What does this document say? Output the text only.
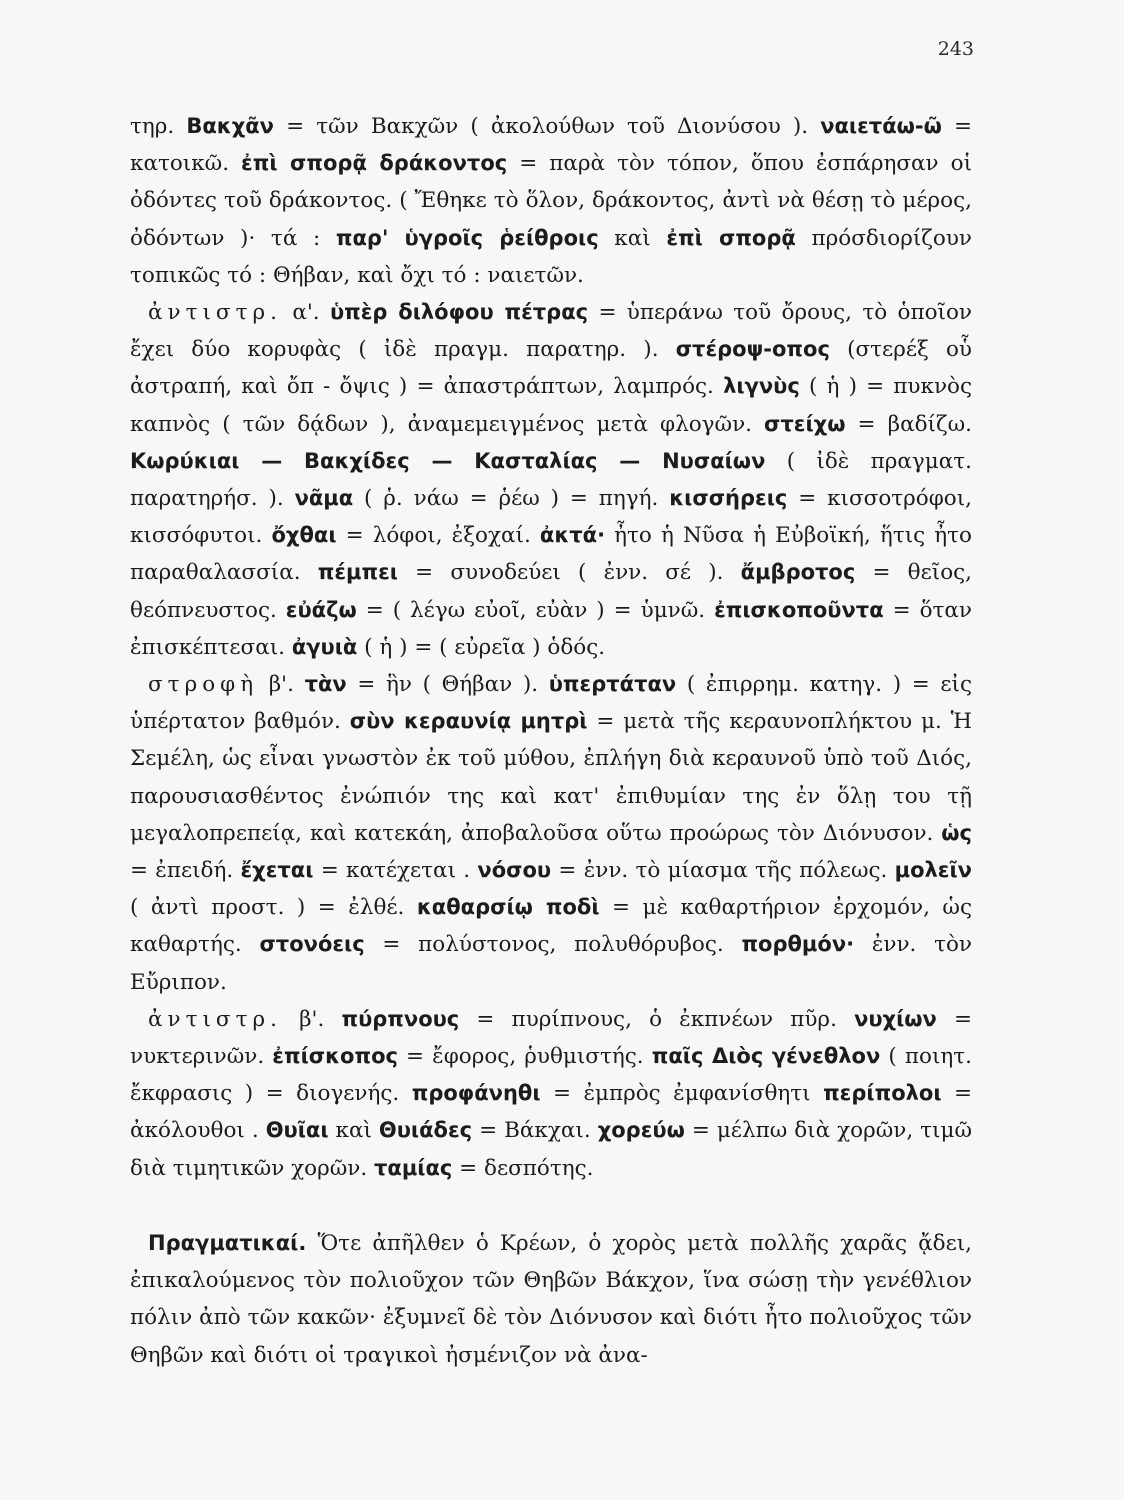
243

τηρ. Βακχᾶν = τῶν Βακχῶν ( ἀκολούθων τοῦ Διονύσου ). ναιετάω-ῶ = κατοικῶ. ἐπὶ σπορᾷ δράκοντος = παρὰ τὸν τόπον, ὅπου ἐσπάρησαν οἱ ὀδόντες τοῦ δράκοντος. ( Ἔθηκε τὸ ὅλον, δράκοντος, ἀντὶ νὰ θέσῃ τὸ μέρος, ὀδόντων )· τά : παρ' ὑγροῖς ῥείθροις καὶ ἐπὶ σπορᾷ πρόσδιορίζουν τοπικῶς τό : Θήβαν, καὶ ὄχι τό : ναιετῶν.

ἀντιστρ. α'. ὑπὲρ διλόφου πέτρας = ὑπεράνω τοῦ ὄρους, τὸ ὁποῖον ἔχει δύο κορυφὰς ( ἰδὲ πραγμ. παρατηρ. ). στέροψ-οπος (στερέξ οὗ ἀστραπή, καὶ ὄπ - ὄψις ) = ἀπαστράπτων, λαμπρός. λιγνὺς ( ἡ ) = πυκνὸς καπνὸς ( τῶν δᾴδων ), ἀναμεμειγμένος μετὰ φλογῶν. στείχω = βαδίζω. Κωρύκιαι — Βακχίδες — Κασταλίας — Νυσαίων ( ἰδὲ πραγματ. παρατηρήσ. ). νᾶμα ( ῥ. νάω = ῥέω ) = πηγή. κισσήρεις = κισσοτρόφοι, κισσόφυτοι. ὄχθαι = λόφοι, ἐξοχαί. ἀκτά· ἦτο ἡ Νῦσα ἡ Εὐβοϊκή, ἥτις ἦτο παραθαλασσία. πέμπει = συνοδεύει ( ἐνν. σέ ). ἄμβροτος = θεῖος, θεόπνευστος. εὐάζω = ( λέγω εὐοῖ, εὐὰν ) = ὑμνῶ. ἐπισκοποῦντα = ὅταν ἐπισκέπτεσαι. ἀγυιὰ ( ἡ ) = ( εὐρεῖα ) ὁδός.

στροφὴ β'. τὰν = ἣν ( Θήβαν ). ὑπερτάταν ( ἐπιρρημ. κατηγ. ) = εἰς ὑπέρτατον βαθμόν. σὺν κεραυνίᾳ μητρὶ = μετὰ τῆς κεραυνοπλήκτου μ. Ἡ Σεμέλη, ὡς εἶναι γνωστὸν ἐκ τοῦ μύθου, ἐπλήγη διὰ κεραυνοῦ ὑπὸ τοῦ Διός, παρουσιασθέντος ἐνώπιόν της καὶ κατ' ἐπιθυμίαν της ἐν ὅλῃ του τῇ μεγαλοπρεπείᾳ, καὶ κατεκάη, ἀποβαλοῦσα οὕτω προώρως τὸν Διόνυσον. ὡς = ἐπειδή. ἔχεται = κατέχεται . νόσου = ἐνν. τὸ μίασμα τῆς πόλεως. μολεῖν ( ἀντὶ προστ. ) = ἐλθέ. καθαρσίῳ ποδὶ = μὲ καθαρτήριον ἐρχομόν, ὡς καθαρτής. στονόεις = πολύστονος, πολυθόρυβος. πορθμόν· ἐνν. τὸν Εὔριπον.

ἀντιστρ. β'. πύρπνους = πυρίπνους, ὁ ἐκπνέων πῦρ. νυχίων = νυκτερινῶν. ἐπίσκοπος = ἔφορος, ῥυθμιστής. παῖς Διὸς γένεθλον ( ποιητ. ἔκφρασις ) = διογενής. προφάνηθι = ἐμπρὸς ἐμφανίσθητι περίπολοι = ἀκόλουθοι . Θυῖαι καὶ Θυιάδες = Βάκχαι. χορεύω = μέλπω διὰ χορῶν, τιμῶ διὰ τιμητικῶν χορῶν. ταμίας = δεσπότης.

Πραγματικαί. Ὅτε ἀπῆλθεν ὁ Κρέων, ὁ χορὸς μετὰ πολλῆς χαρᾶς ᾄδει, ἐπικαλούμενος τὸν πολιοῦχον τῶν Θηβῶν Βάκχον, ἵνα σώσῃ τὴν γενέθλιον πόλιν ἀπὸ τῶν κακῶν· ἐξυμνεῖ δὲ τὸν Διόνυσον καὶ διότι ἦτο πολιοῦχος τῶν Θηβῶν καὶ διότι οἱ τραγικοὶ ἠσμένιζον νὰ ἀνα-
